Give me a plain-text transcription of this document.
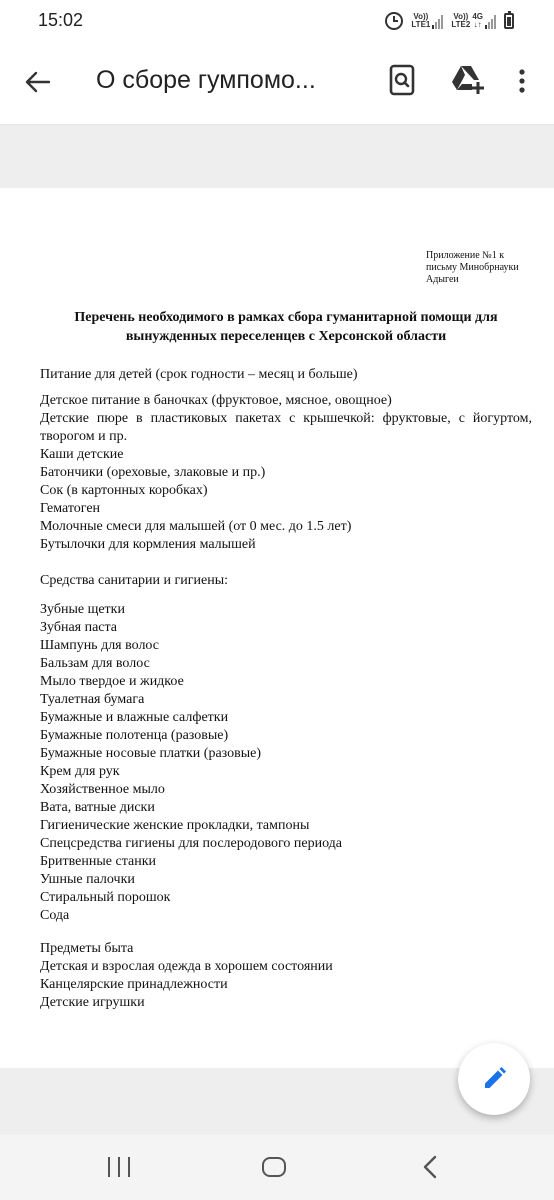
15:02	Vo))
LTE1
Vo))
LTE2
4G
↓↑
О сборе гумпомо...
Приложение №1 к
письму Минобрнауки
Адыгеи
Перечень необходимого в рамках сбора гуманитарной помощи для
вынужденных переселенцев с Херсонской области
Питание для детей (срок годности – месяц и больше)
Детское питание в баночках (фруктовое, мясное, овощное)
Детские пюре в пластиковых пакетах с крышечкой: фруктовые, с йогуртом, творогом и пр.
Каши детские
Батончики (ореховые, злаковые и пр.)
Сок (в картонных коробках)
Гематоген
Молочные смеси для малышей (от 0 мес. до 1.5 лет)
Бутылочки для кормления малышей
Средства санитарии и гигиены:
Зубные щетки
Зубная паста
Шампунь для волос
Бальзам для волос
Мыло твердое и жидкое
Туалетная бумага
Бумажные и влажные салфетки
Бумажные полотенца (разовые)
Бумажные носовые платки (разовые)
Крем для рук
Хозяйственное мыло
Вата, ватные диски
Гигиенические женские прокладки, тампоны
Спецсредства гигиены для послеродового периода
Бритвенные станки
Ушные палочки
Стиральный порошок
Сода
Предметы быта
Детская и взрослая одежда в хорошем состоянии
Канцелярские принадлежности
Детские игрушки
